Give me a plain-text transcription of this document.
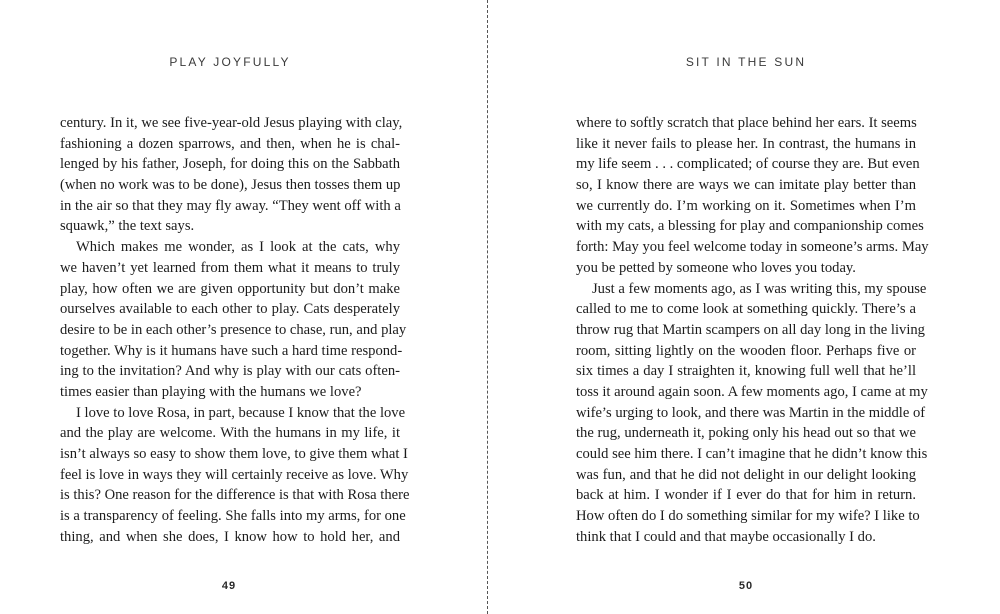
PLAY JOYFULLY
century. In it, we see five-year-old Jesus playing with clay,
fashioning a dozen sparrows, and then, when he is chal-
lenged by his father, Joseph, for doing this on the Sabbath
(when no work was to be done), Jesus then tosses them up
in the air so that they may fly away. “They went off with a
squawk,” the text says.
Which makes me wonder, as I look at the cats, why
we haven’t yet learned from them what it means to truly
play, how often we are given opportunity but don’t make
ourselves available to each other to play. Cats desperately
desire to be in each other’s presence to chase, run, and play
together. Why is it humans have such a hard time respond-
ing to the invitation? And why is play with our cats often-
times easier than playing with the humans we love?
I love to love Rosa, in part, because I know that the love
and the play are welcome. With the humans in my life, it
isn’t always so easy to show them love, to give them what I
feel is love in ways they will certainly receive as love. Why
is this? One reason for the difference is that with Rosa there
is a transparency of feeling. She falls into my arms, for one
thing, and when she does, I know how to hold her, and
49
SIT IN THE SUN
where to softly scratch that place behind her ears. It seems
like it never fails to please her. In contrast, the humans in
my life seem . . . complicated; of course they are. But even
so, I know there are ways we can imitate play better than
we currently do. I’m working on it. Sometimes when I’m
with my cats, a blessing for play and companionship comes
forth: May you feel welcome today in someone’s arms. May
you be petted by someone who loves you today.
Just a few moments ago, as I was writing this, my spouse
called to me to come look at something quickly. There’s a
throw rug that Martin scampers on all day long in the living
room, sitting lightly on the wooden floor. Perhaps five or
six times a day I straighten it, knowing full well that he’ll
toss it around again soon. A few moments ago, I came at my
wife’s urging to look, and there was Martin in the middle of
the rug, underneath it, poking only his head out so that we
could see him there. I can’t imagine that he didn’t know this
was fun, and that he did not delight in our delight looking
back at him. I wonder if I ever do that for him in return.
How often do I do something similar for my wife? I like to
think that I could and that maybe occasionally I do.
50
